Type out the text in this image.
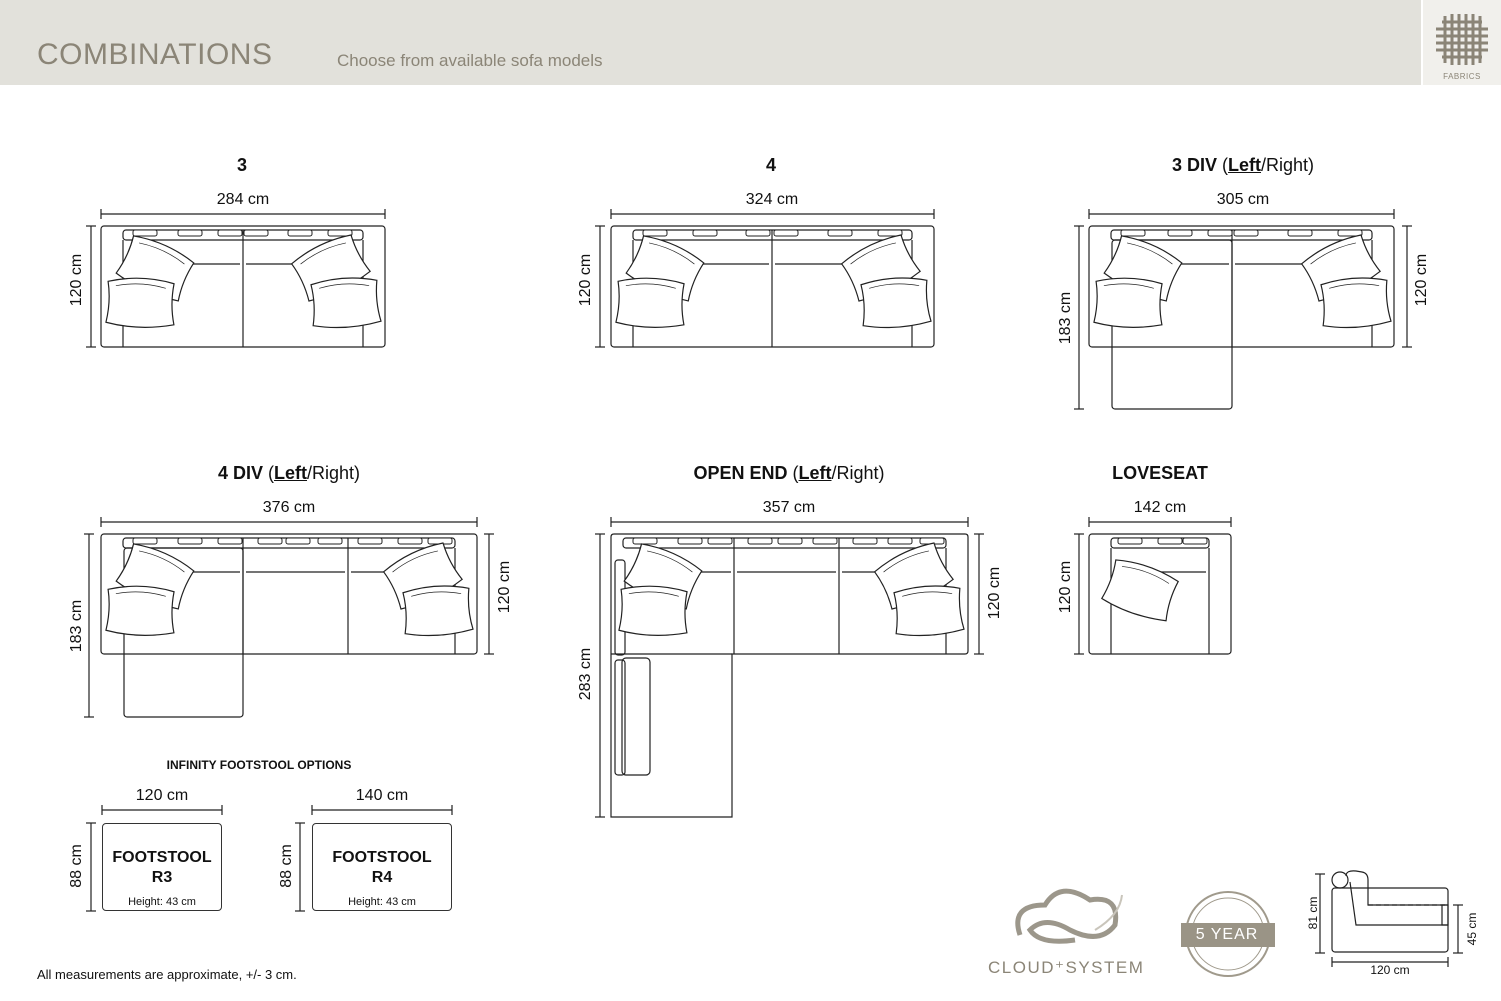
COMBINATIONS	Choose from available sofa models
FABRICS
3	4	3 DIV (Left/Right)
4 DIV (Left/Right)	OPEN END (Left/Right)	LOVESEAT
284 cm
120 cm
324 cm
120 cm
305 cm
183 cm
120 cm
376 cm
183 cm
120 cm
357 cm
283 cm
120 cm
142 cm
120 cm
INFINITY FOOTSTOOL OPTIONS
120 cm
88 cm	FOOTSTOOL
R3
Height: 43 cm
140 cm
88 cm	FOOTSTOOL
R4
Height: 43 cm
All measurements are approximate, +/- 3 cm.	CLOUD⁺SYSTEM
5 YEAR
81 cm	45 cm
120 cm
